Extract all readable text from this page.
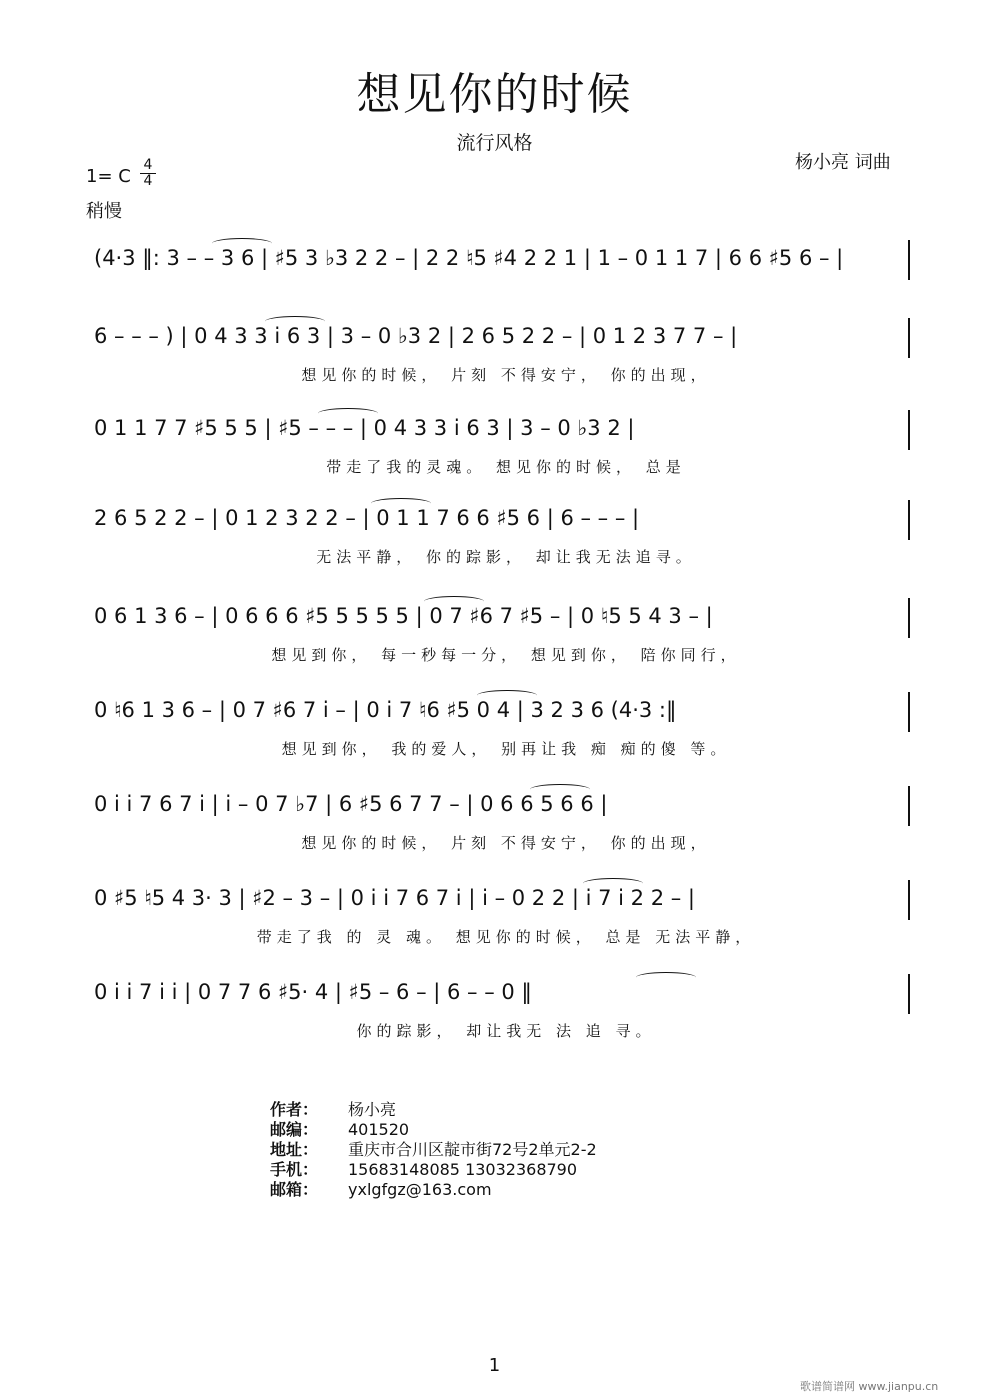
想见你的时候
流行风格
杨小亮 词曲
1= C
4
4
稍慢
(4·3 ‖: 3 – – 3 6 | ♯5 3 ♭3 2 2 – | 2 2 ♮5 ♯4 2 2 1 | 1 – 0 1 1 7 | 6 6 ♯5 6 – |
6 – – – ) | 0 4 3 3 i 6 3 | 3 – 0 ♭3 2 | 2 6 5 2 2 – | 0 1 2 3 7 7 – |
想见你的时候， 片刻 不得安宁， 你的出现，
0 1 1 7 7 ♯5 5 5 | ♯5 – – – | 0 4 3 3 i 6 3 | 3 – 0 ♭3 2 |
带走了我的灵魂。 想见你的时候， 总是
2 6 5 2 2 – | 0 1 2 3 2 2 – | 0 1 1 7 6 6 ♯5 6 | 6 – – – |
无法平静， 你的踪影， 却让我无法追寻。
0 6 1 3 6 – | 0 6 6 6 ♯5 5 5 5 5 | 0 7 ♯6 7 ♯5 – | 0 ♮5 5 4 3 – |
想见到你， 每一秒每一分， 想见到你， 陪你同行，
0 ♮6 1 3 6 – | 0 7 ♯6 7 i – | 0 i 7 ♮6 ♯5 0 4 | 3 2 3 6 (4·3 :‖
想见到你， 我的爱人， 别再让我 痴 痴的傻 等。
0 i i 7 6 7 i | i – 0 7 ♭7 | 6 ♯5 6 7 7 – | 0 6 6 5 6 6 |
想见你的时候， 片刻 不得安宁， 你的出现，
0 ♯5 ♮5 4 3· 3 | ♯2 – 3 – | 0 i i 7 6 7 i | i – 0 2 2 | i 7 i 2 2 – |
带走了我 的 灵 魂。 想见你的时候， 总是 无法平静，
0 i i 7 i i | 0 7 7 6 ♯5· 4 | ♯5 – 6 – | 6 – – 0 ‖
你的踪影， 却让我无 法 追 寻。
作者：	杨小亮
邮编：	401520
地址：	重庆市合川区靛市街72号2单元2-2
手机：	15683148085 13032368790
邮箱：	yxlgfgz@163.com
1
歌谱简谱网 www.jianpu.cn
